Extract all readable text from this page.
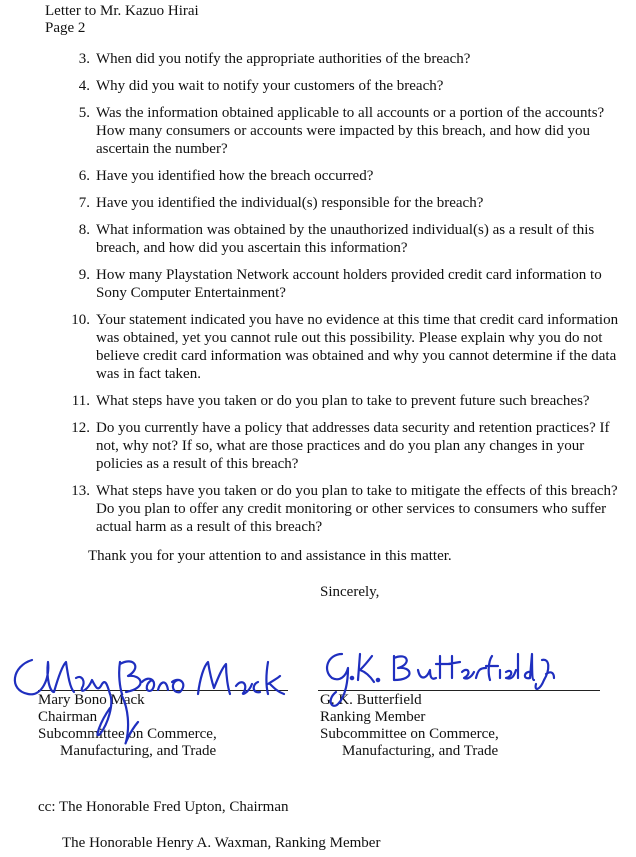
Letter to Mr. Kazuo Hirai
Page 2
3. When did you notify the appropriate authorities of the breach?
4. Why did you wait to notify your customers of the breach?
5. Was the information obtained applicable to all accounts or a portion of the accounts?
How many consumers or accounts were impacted by this breach, and how did you
ascertain the number?
6. Have you identified how the breach occurred?
7. Have you identified the individual(s) responsible for the breach?
8. What information was obtained by the unauthorized individual(s) as a result of this
breach, and how did you ascertain this information?
9. How many Playstation Network account holders provided credit card information to
Sony Computer Entertainment?
10. Your statement indicated you have no evidence at this time that credit card information
was obtained, yet you cannot rule out this possibility. Please explain why you do not
believe credit card information was obtained and why you cannot determine if the data
was in fact taken.
11. What steps have you taken or do you plan to take to prevent future such breaches?
12. Do you currently have a policy that addresses data security and retention practices? If
not, why not? If so, what are those practices and do you plan any changes in your
policies as a result of this breach?
13. What steps have you taken or do you plan to take to mitigate the effects of this breach?
Do you plan to offer any credit monitoring or other services to consumers who suffer
actual harm as a result of this breach?
Thank you for your attention to and assistance in this matter.
Sincerely,
Mary Bono Mack
Chairman
Subcommittee on Commerce,
Manufacturing, and Trade
G. K. Butterfield
Ranking Member
Subcommittee on Commerce,
Manufacturing, and Trade
cc: The Honorable Fred Upton, Chairman
The Honorable Henry A. Waxman, Ranking Member
